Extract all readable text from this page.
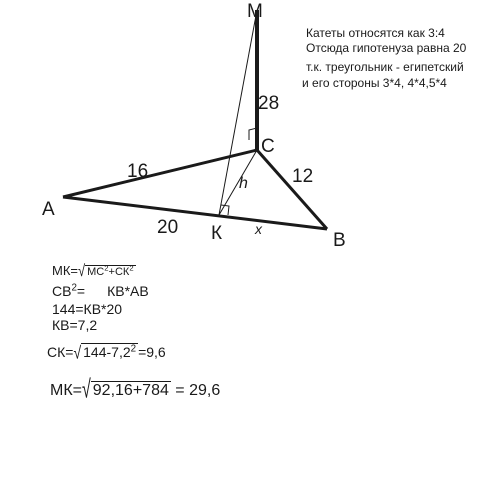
M
C
A
B
К
28
16	12
20
h
x
Катеты относятся как 3:4
Отсюда гипотенуза равна 20
т.к. треугольник - египетский
и его стороны 3*4, 4*4,5*4
МК=√ $МС^2+СК^2$
$СВ^2= КВ*АВ$
144=КВ*20
КВ=7,2
СК=√ $144-7,2^2 =9,6$
МК=√ 92,16+784 = 29,6
